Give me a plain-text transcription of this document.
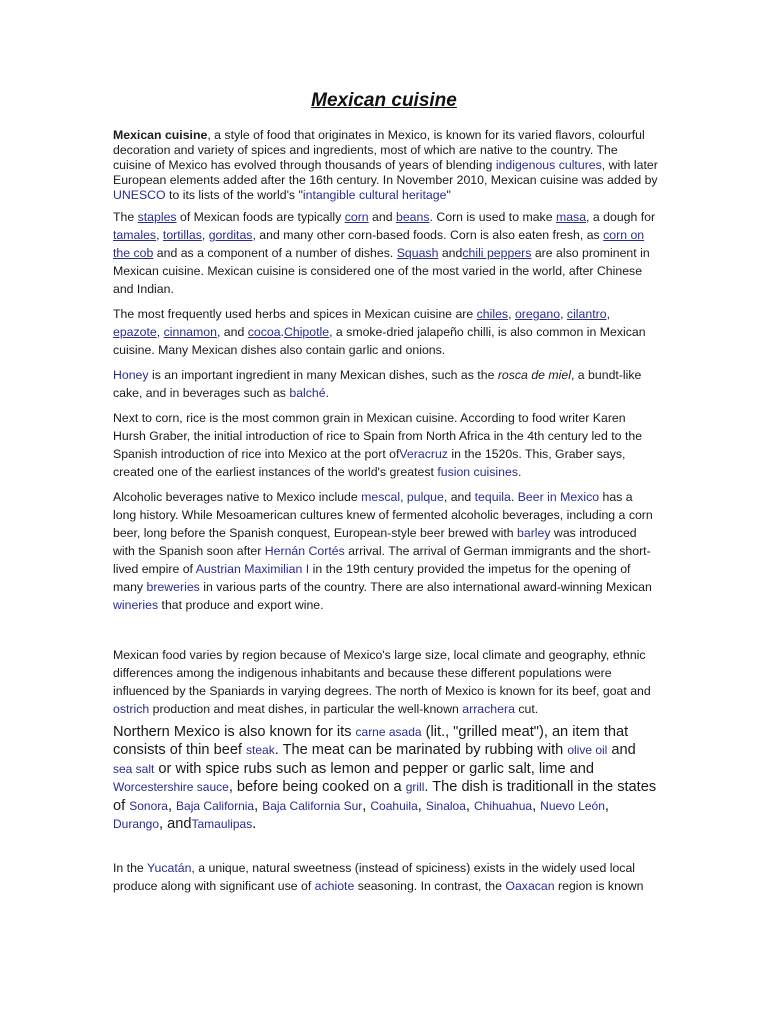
Mexican cuisine

Mexican cuisine, a style of food that originates in Mexico, is known for its varied flavors, colourful decoration and variety of spices and ingredients, most of which are native to the country. The cuisine of Mexico has evolved through thousands of years of blending indigenous cultures, with later European elements added after the 16th century. In November 2010, Mexican cuisine was added by UNESCO to its lists of the world's "intangible cultural heritage"

The staples of Mexican foods are typically corn and beans. Corn is used to make masa, a dough for tamales, tortillas, gorditas, and many other corn-based foods. Corn is also eaten fresh, as corn on the cob and as a component of a number of dishes. Squash andchili peppers are also prominent in Mexican cuisine. Mexican cuisine is considered one of the most varied in the world, after Chinese and Indian.

The most frequently used herbs and spices in Mexican cuisine are chiles, oregano, cilantro, epazote, cinnamon, and cocoa.Chipotle, a smoke-dried jalapeño chilli, is also common in Mexican cuisine. Many Mexican dishes also contain garlic and onions.

Honey is an important ingredient in many Mexican dishes, such as the rosca de miel, a bundt-like cake, and in beverages such as balché.

Next to corn, rice is the most common grain in Mexican cuisine. According to food writer Karen Hursh Graber, the initial introduction of rice to Spain from North Africa in the 4th century led to the Spanish introduction of rice into Mexico at the port ofVeracruz in the 1520s. This, Graber says, created one of the earliest instances of the world's greatest fusion cuisines.

Alcoholic beverages native to Mexico include mescal, pulque, and tequila. Beer in Mexico has a long history. While Mesoamerican cultures knew of fermented alcoholic beverages, including a corn beer, long before the Spanish conquest, European-style beer brewed with barley was introduced with the Spanish soon after Hernán Cortés arrival. The arrival of German immigrants and the short-lived empire of Austrian Maximilian I in the 19th century provided the impetus for the opening of many breweries in various parts of the country. There are also international award-winning Mexican wineries that produce and export wine.

Mexican food varies by region because of Mexico's large size, local climate and geography, ethnic differences among the indigenous inhabitants and because these different populations were influenced by the Spaniards in varying degrees. The north of Mexico is known for its beef, goat and ostrich production and meat dishes, in particular the well-known arrachera cut.

Northern Mexico is also known for its carne asada (lit., "grilled meat"), an item that consists of thin beef steak. The meat can be marinated by rubbing with olive oil and sea salt or with spice rubs such as lemon and pepper or garlic salt, lime and Worcestershire sauce, before being cooked on a grill. The dish is traditionall in the states of Sonora, Baja California, Baja California Sur, Coahuila, Sinaloa, Chihuahua, Nuevo León, Durango, andTamaulipas.

In the Yucatán, a unique, natural sweetness (instead of spiciness) exists in the widely used local produce along with significant use of achiote seasoning. In contrast, the Oaxacan region is known
